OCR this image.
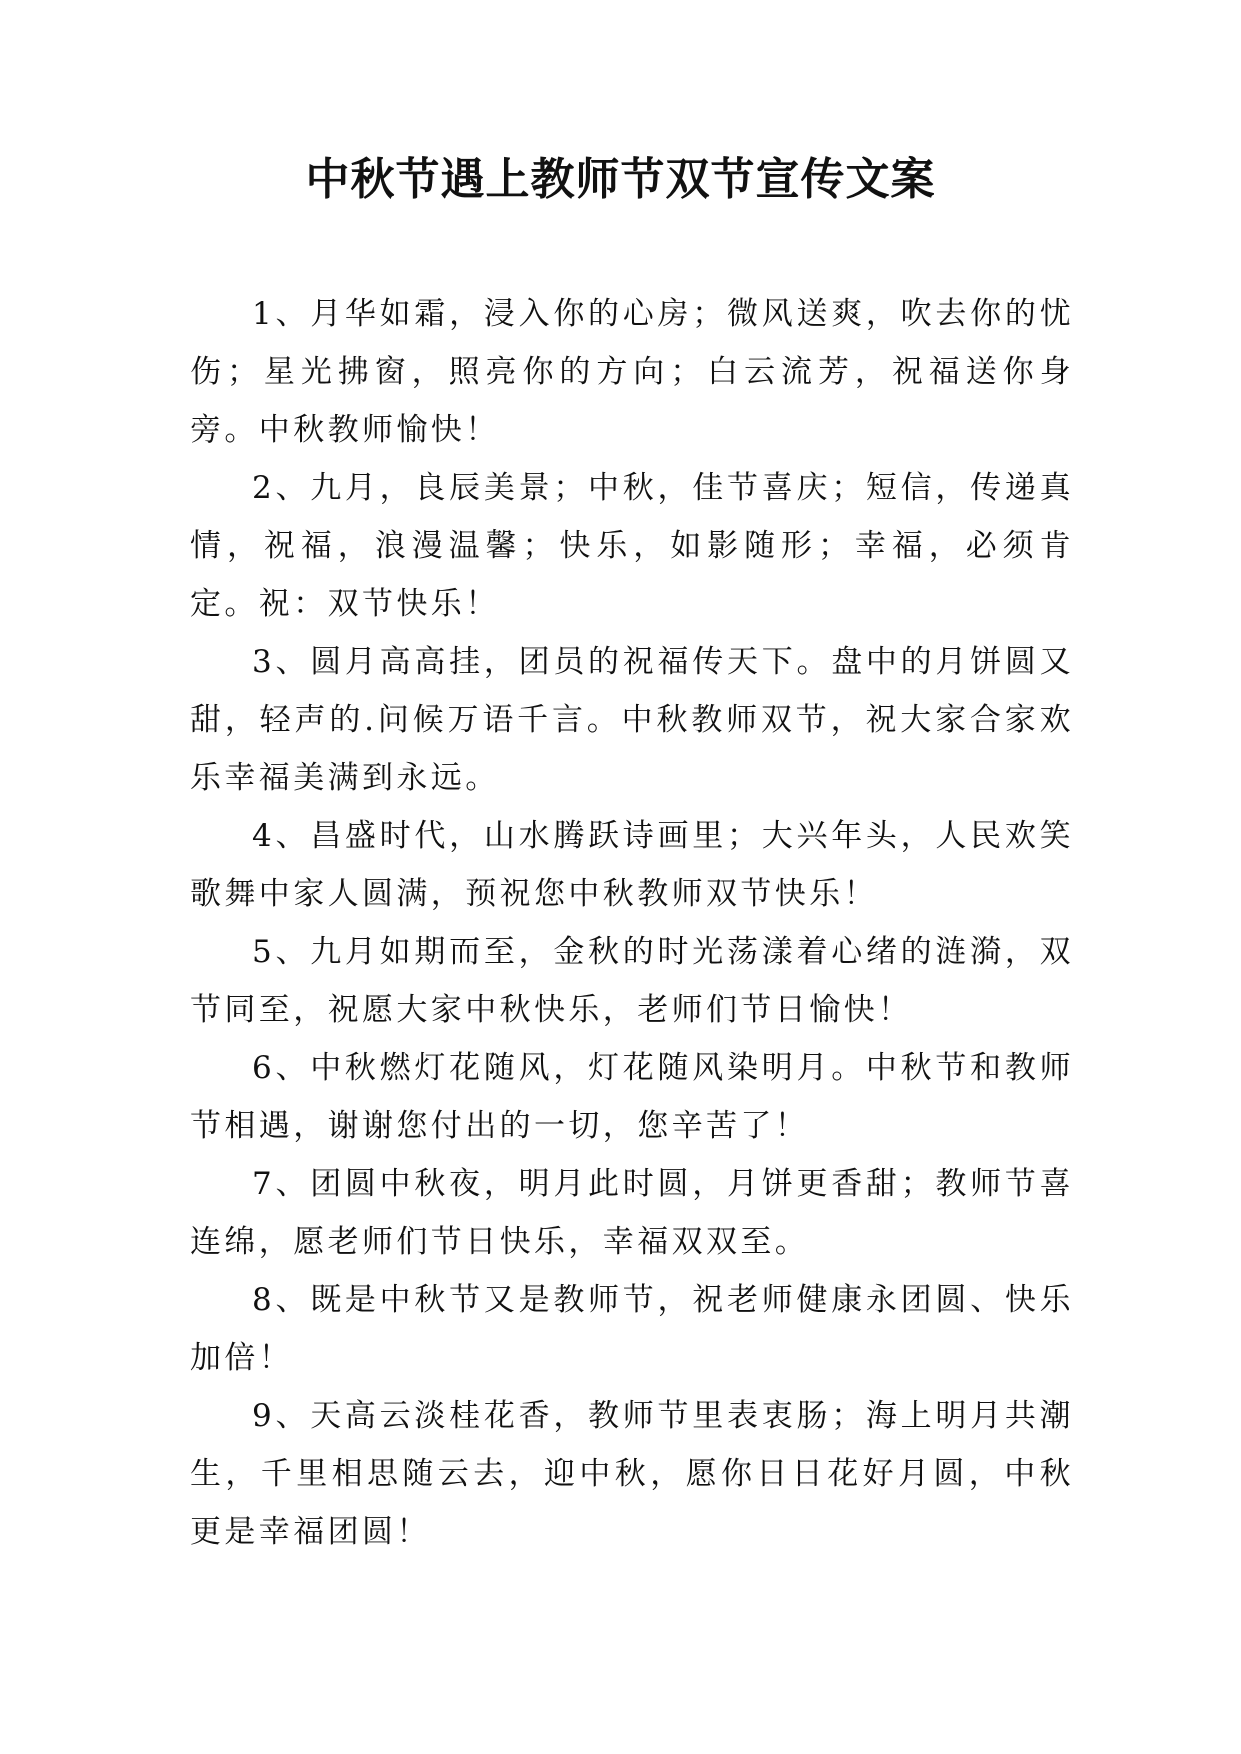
中秋节遇上教师节双节宣传文案

1、月华如霜，浸入你的心房；微风送爽，吹去你的忧伤；星光拂窗，照亮你的方向；白云流芳，祝福送你身旁。中秋教师愉快！

2、九月，良辰美景；中秋，佳节喜庆；短信，传递真情，祝福，浪漫温馨；快乐，如影随形；幸福，必须肯定。祝：双节快乐！

3、圆月高高挂，团员的祝福传天下。盘中的月饼圆又甜，轻声的.问候万语千言。中秋教师双节，祝大家合家欢乐幸福美满到永远。

4、昌盛时代，山水腾跃诗画里；大兴年头，人民欢笑歌舞中家人圆满，预祝您中秋教师双节快乐！

5、九月如期而至，金秋的时光荡漾着心绪的涟漪，双节同至，祝愿大家中秋快乐，老师们节日愉快！

6、中秋燃灯花随风，灯花随风染明月。中秋节和教师节相遇，谢谢您付出的一切，您辛苦了！

7、团圆中秋夜，明月此时圆，月饼更香甜；教师节喜连绵，愿老师们节日快乐，幸福双双至。

8、既是中秋节又是教师节，祝老师健康永团圆、快乐加倍！

9、天高云淡桂花香，教师节里表衷肠；海上明月共潮生，千里相思随云去，迎中秋，愿你日日花好月圆，中秋更是幸福团圆！
